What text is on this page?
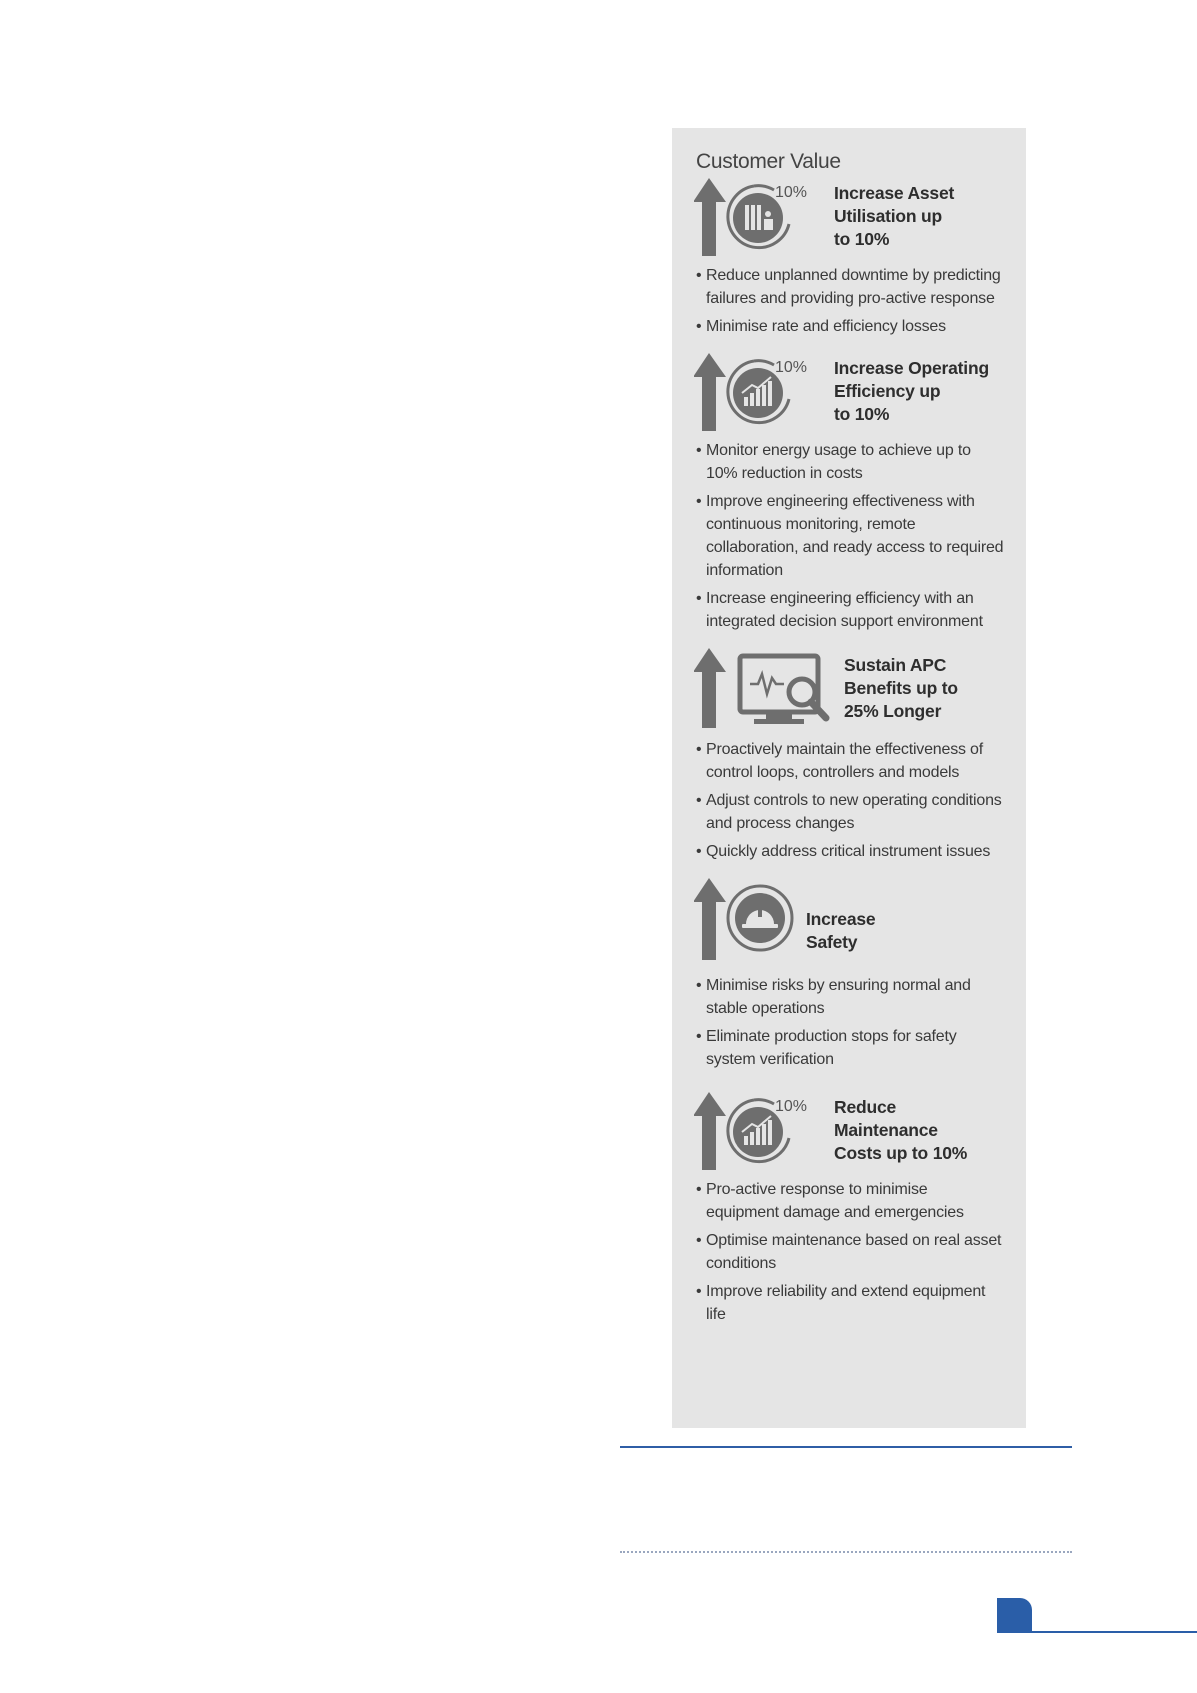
Customer Value
10% Increase Asset
Utilisation up
to 10%
• Reduce unplanned downtime by predicting failures and providing pro-active response
• Minimise rate and efficiency losses
10% Increase Operating
Efficiency up
to 10%
• Monitor energy usage to achieve up to 10% reduction in costs
• Improve engineering effectiveness with continuous monitoring, remote collaboration, and ready access to required information
• Increase engineering efficiency with an integrated decision support environment
Sustain APC
Benefits up to
25% Longer
• Proactively maintain the effectiveness of control loops, controllers and models
• Adjust controls to new operating conditions and process changes
• Quickly address critical instrument issues
Increase
Safety
• Minimise risks by ensuring normal and stable operations
• Eliminate production stops for safety system verification
10% Reduce
Maintenance
Costs up to 10%
• Pro-active response to minimise equipment damage and emergencies
• Optimise maintenance based on real asset conditions
• Improve reliability and extend equipment life
